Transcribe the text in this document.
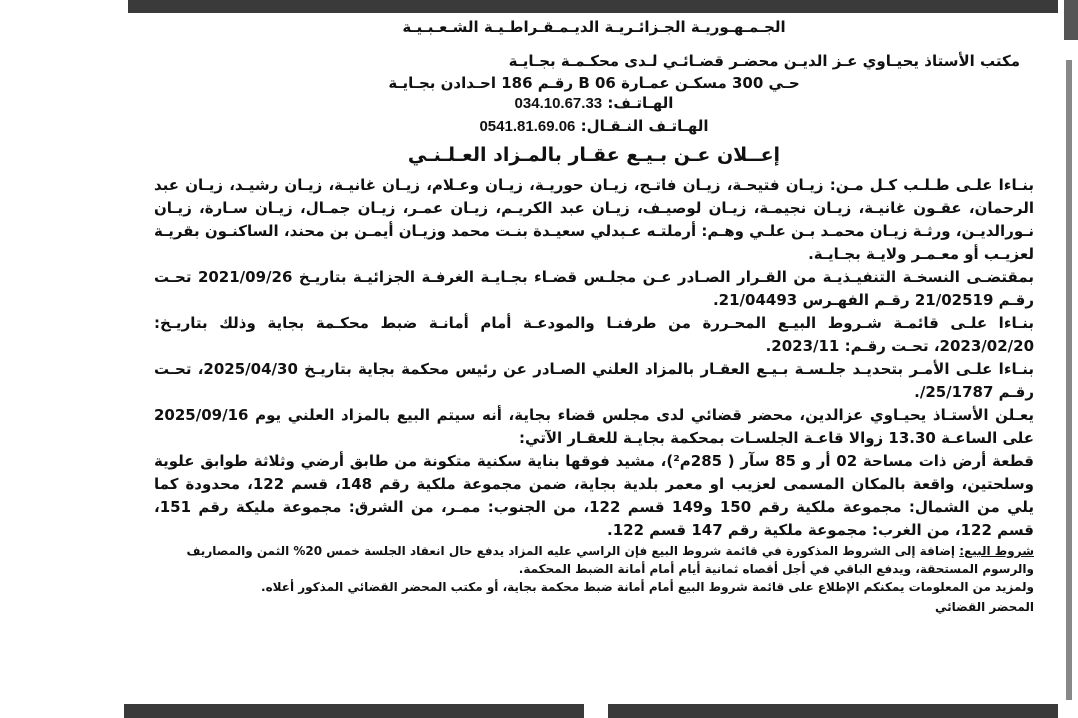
الجـمـهـوريـة الجـزائـريـة الديـمـقـراطـيـة الشـعـبـيـة
مكتب الأستاذ يحيـاوي عـز الديـن محضـر قضـائـي لـدى محكـمـة بجـايـة
حـي 300 مسكـن عمـارة 06 B رقـم 186 احـدادن بجـايـة
الهـاتـف: 034.10.67.33
الهـاتـف النـقـال: 0541.81.69.06
إعــلان عـن بـيـع عقـار بالمـزاد العـلـنـي

بنـاءا علـى طـلـب كـل مـن: زيـان فتيحـة، زيـان فاتـح، زيـان حوريـة، زيـان وعـلام، زيـان غانيـة، زيـان رشيـد، زيـان عبد الرحمان، عقـون غانيـة، زيـان نجيمـة، زيـان لوصيـف، زيـان عبد الكريـم، زيـان عمـر، زيـان جمـال، زيـان سـارة، زيـان نـورالديـن، ورثـة زيـان محمـد بـن علـي وهـم: أرملتـه عـبدلي سعيـدة بنـت محمد وزيـان أيمـن بن محند، الساكنـون بقريـة لعزيـب أو معـمـر ولايـة بجـايـة.

بمقتضـى النسخـة التنفيـذيـة من القـرار الصـادر عـن مجلـس قضـاء بجـايـة الغرفـة الجزائيـة بتاريـخ 2021/09/26 تحـت رقـم 21/02519 رقـم الفهـرس 21/04493.

بنـاءا علـى قائمـة شـروط البيـع المحـررة من طرفنـا والمودعـة أمام أمانـة ضبط محكـمة بجاية وذلك بتاريـخ: 2023/02/20، تحـت رقـم: 2023/11.

بنـاءا علـى الأمـر بتحديـد جلـسـة بـيـع العقـار بالمزاد العلني الصـادر عن رئيس محكمة بجاية بتاريـخ 2025/04/30، تحـت رقـم 25/1787/.

يعـلن الأستـاذ يحيـاوي عزالدين، محضر قضائي لدى مجلس قضاء بجاية، أنه سيتم البيع بالمزاد العلني يوم 2025/09/16 على الساعـة 13.30 زوالا قاعـة الجلسـات بمحكمة بجايـة للعقـار الآتي:

قطعة أرض ذات مساحة 02 أر و 85 سآر ( 285م²)، مشيد فوقها بناية سكنية متكونة من طابق أرضي وثلاثة طوابق علوية وسلحتين، واقعة بالمكان المسمى لعزيب او معمر بلدية بجاية، ضمن مجموعة ملكية رقم 148، قسم 122، محدودة كما يلي من الشمال: مجموعة ملكية رقم 150 و149 قسم 122، من الجنوب: ممـر، من الشرق: مجموعة مليكة رقم 151، قسم 122، من الغرب: مجموعة ملكية رقم 147 قسم 122.

شروط البيع: إضافة إلى الشروط المذكورة في قائمة شروط البيع فإن الراسي عليه المزاد يدفع حال انعقاد الجلسة خمس 20% الثمن والمصاريف والرسوم المستحقة، ويدفع الباقي في أجل أقصاه ثمانية أيام أمام أمانة الضبط المحكمة.

ولمزيد من المعلومات يمكنكم الإطلاع على قائمة شروط البيع أمام أمانة ضبط محكمة بجاية، أو مكتب المحضر القضائي المذكور أعلاه.

المحضر القضائي
